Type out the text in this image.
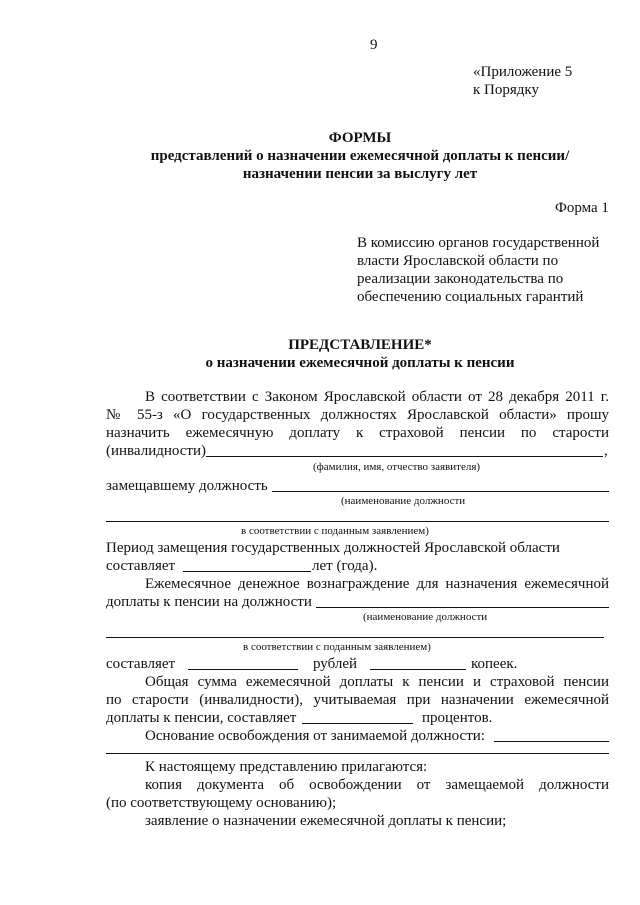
9
«Приложение 5
к Порядку
ФОРМЫ
представлений о назначении ежемесячной доплаты к пенсии/
назначении пенсии за выслугу лет
Форма 1
В комиссию органов государственной
власти Ярославской области по
реализации законодательства по
обеспечению социальных гарантий
ПРЕДСТАВЛЕНИЕ*
о назначении ежемесячной доплаты к пенсии
В соответствии с Законом Ярославской области от 28 декабря 2011 г.
№ 55-з «О государственных должностях Ярославской области» прошу
назначить ежемесячную доплату к страховой пенсии по старости
(инвалидности)	,
(фамилия, имя, отчество заявителя)
замещавшему должность
(наименование должности
в соответствии с поданным заявлением)
Период замещения государственных должностей Ярославской области
составляет	лет (года).
Ежемесячное денежное вознаграждение для назначения ежемесячной
доплаты к пенсии на должности
(наименование должности
в соответствии с поданным заявлением)
составляет	рублей	копеек.
Общая сумма ежемесячной доплаты к пенсии и страховой пенсии
по старости (инвалидности), учитываемая при назначении ежемесячной
доплаты к пенсии, составляет	процентов.
Основание освобождения от занимаемой должности:
К настоящему представлению прилагаются:
копия документа об освобождении от замещаемой должности
(по соответствующему основанию);
заявление о назначении ежемесячной доплаты к пенсии;
